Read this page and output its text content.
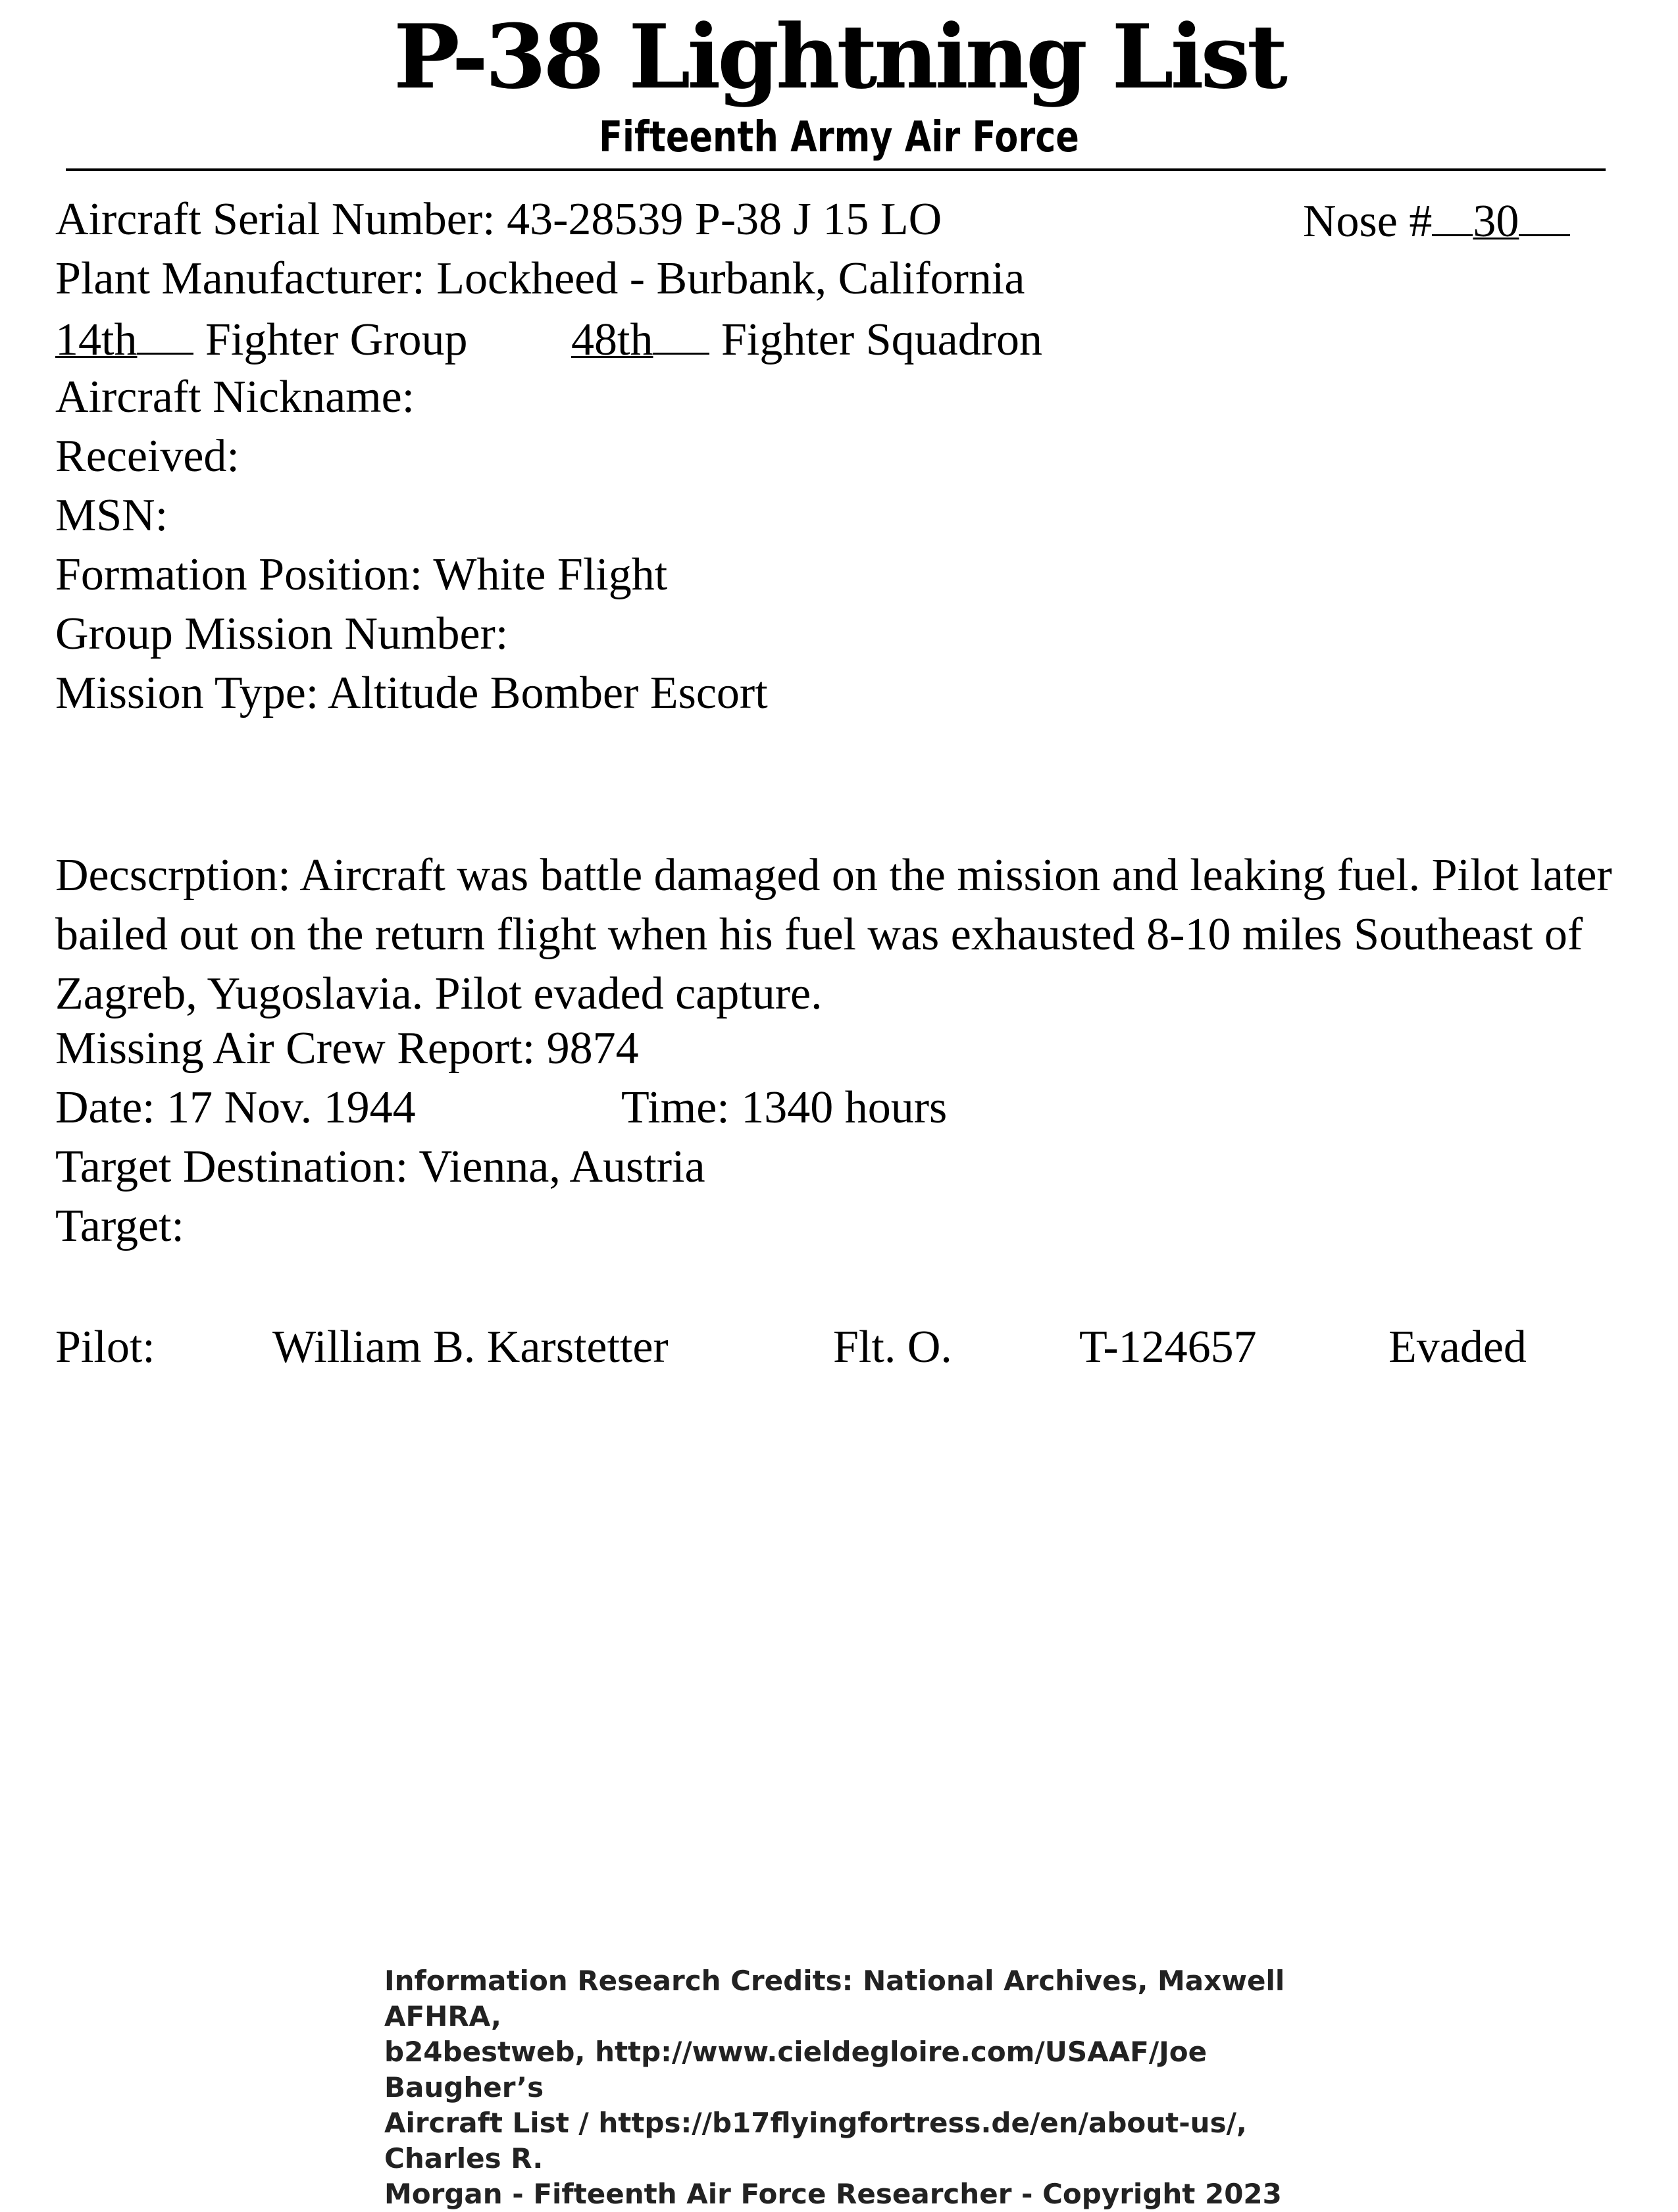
P-38 Lightning List
Fifteenth Army Air Force
Aircraft Serial Number: 43-28539 P-38 J 15 LO	Nose # 30
Plant Manufacturer: Lockheed - Burbank, California
14th Fighter Group 48th Fighter Squadron
Aircraft Nickname:
Received:
MSN:
Formation Position: White Flight
Group Mission Number:
Mission Type: Altitude Bomber Escort

Decscrption: Aircraft was battle damaged on the mission and leaking fuel. Pilot later bailed out on the return flight when his fuel was exhausted 8-10 miles Southeast of Zagreb, Yugoslavia. Pilot evaded capture.

Missing Air Crew Report: 9874
Date: 17 Nov. 1944	Time: 1340 hours
Target Destination: Vienna, Austria
Target:
Pilot:	William B. Karstetter	Flt. O.	T-124657	Evaded
Information Research Credits: National Archives, Maxwell AFHRA,
b24bestweb, http://www.cieldegloire.com/USAAF/Joe Baugher’s
Aircraft List / https://b17flyingfortress.de/en/about-us/, Charles R.
Morgan - Fifteenth Air Force Researcher - Copyright 2023
